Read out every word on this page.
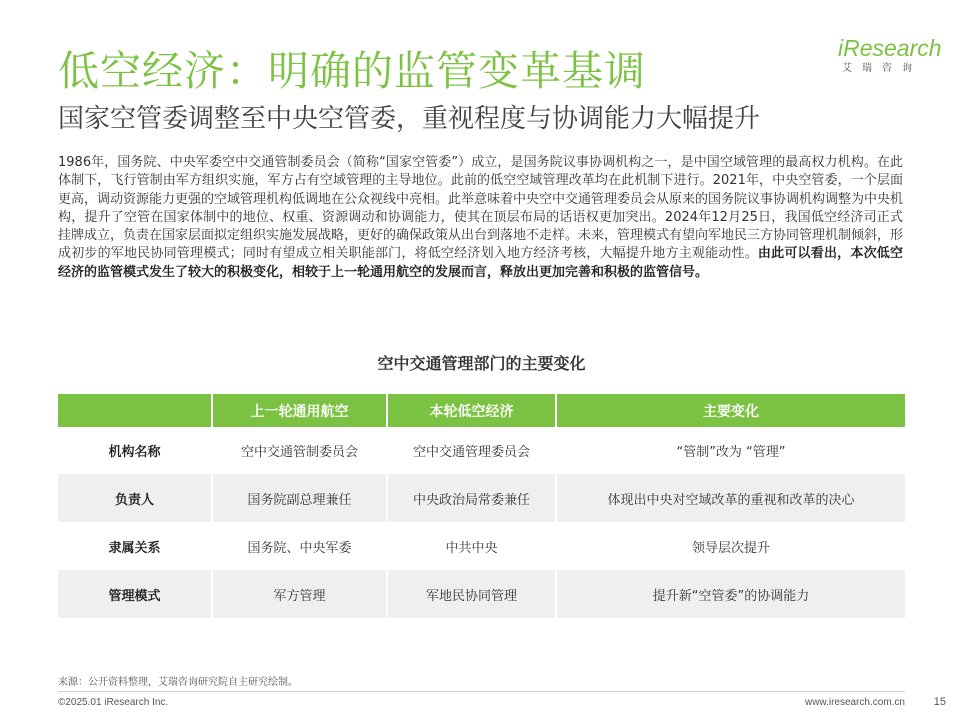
低空经济：明确的监管变革基调
国家空管委调整至中央空管委，重视程度与协调能力大幅提升
iResearch
艾瑞咨询
1986年，国务院、中央军委空中交通管制委员会（简称“国家空管委”）成立，是国务院议事协调机构之一，是中国空域管理的最高权力机构。在此体制下，飞行管制由军方组织实施，军方占有空域管理的主导地位。此前的低空空域管理改革均在此机制下进行。2021年，中央空管委，一个层面更高，调动资源能力更强的空域管理机构低调地在公众视线中亮相。此举意味着中央空中交通管理委员会从原来的国务院议事协调机构调整为中央机构，提升了空管在国家体制中的地位、权重、资源调动和协调能力，使其在顶层布局的话语权更加突出。2024年12月25日，我国低空经济司正式挂牌成立，负责在国家层面拟定组织实施发展战略，更好的确保政策从出台到落地不走样。未来，管理模式有望向军地民三方协同管理机制倾斜，形成初步的军地民协同管理模式；同时有望成立相关职能部门，将低空经济划入地方经济考核，大幅提升地方主观能动性。由此可以看出，本次低空经济的监管模式发生了较大的积极变化，相较于上一轮通用航空的发展而言，释放出更加完善和积极的监管信号。
空中交通管理部门的主要变化
	上一轮通用航空	本轮低空经济	主要变化
机构名称	空中交通管制委员会	空中交通管理委员会	“管制”改为 “管理”
负责人	国务院副总理兼任	中央政治局常委兼任	体现出中央对空域改革的重视和改革的决心
隶属关系	国务院、中央军委	中共中央	领导层次提升
管理模式	军方管理	军地民协同管理	提升新“空管委”的协调能力
来源：公开资料整理，艾瑞咨询研究院自主研究绘制。
©2025.01 iResearch Inc.	www.iresearch.com.cn	15
